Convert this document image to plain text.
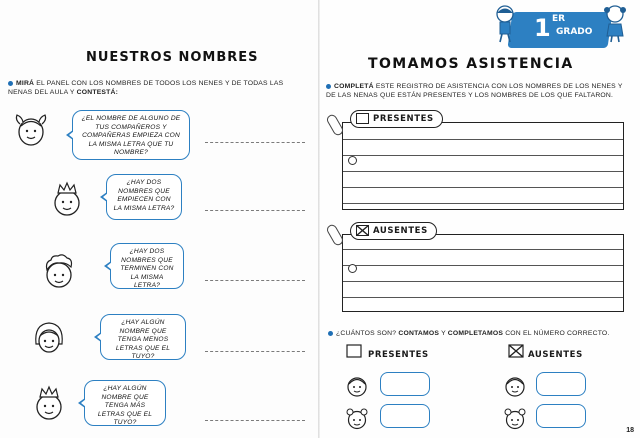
NUESTROS NOMBRES
MIRÁ EL PANEL CON LOS NOMBRES DE TODOS LOS NENES Y DE TODAS LAS NENAS DEL AULA Y CONTESTÁ:
¿EL NOMBRE DE ALGUNO DE TUS COMPAÑEROS Y COMPAÑERAS EMPIEZA CON LA MISMA LETRA QUE TU NOMBRE?
¿HAY DOS NOMBRES QUE EMPIECEN CON LA MISMA LETRA?
¿HAY DOS NOMBRES QUE TERMINEN CON LA MISMA LETRA?
¿HAY ALGÚN NOMBRE QUE TENGA MENOS LETRAS QUE EL TUYO?
¿HAY ALGÚN NOMBRE QUE TENGA MÁS LETRAS QUE EL TUYO?
1 ER
GRADO
TOMAMOS ASISTENCIA
COMPLETÁ ESTE REGISTRO DE ASISTENCIA CON LOS NOMBRES DE LOS NENES Y DE LAS NENAS QUE ESTÁN PRESENTES Y LOS NOMBRES DE LOS QUE FALTARON.
PRESENTES
AUSENTES
¿CUÁNTOS SON? CONTAMOS Y COMPLETAMOS CON EL NÚMERO CORRECTO.
PRESENTES	AUSENTES
18
